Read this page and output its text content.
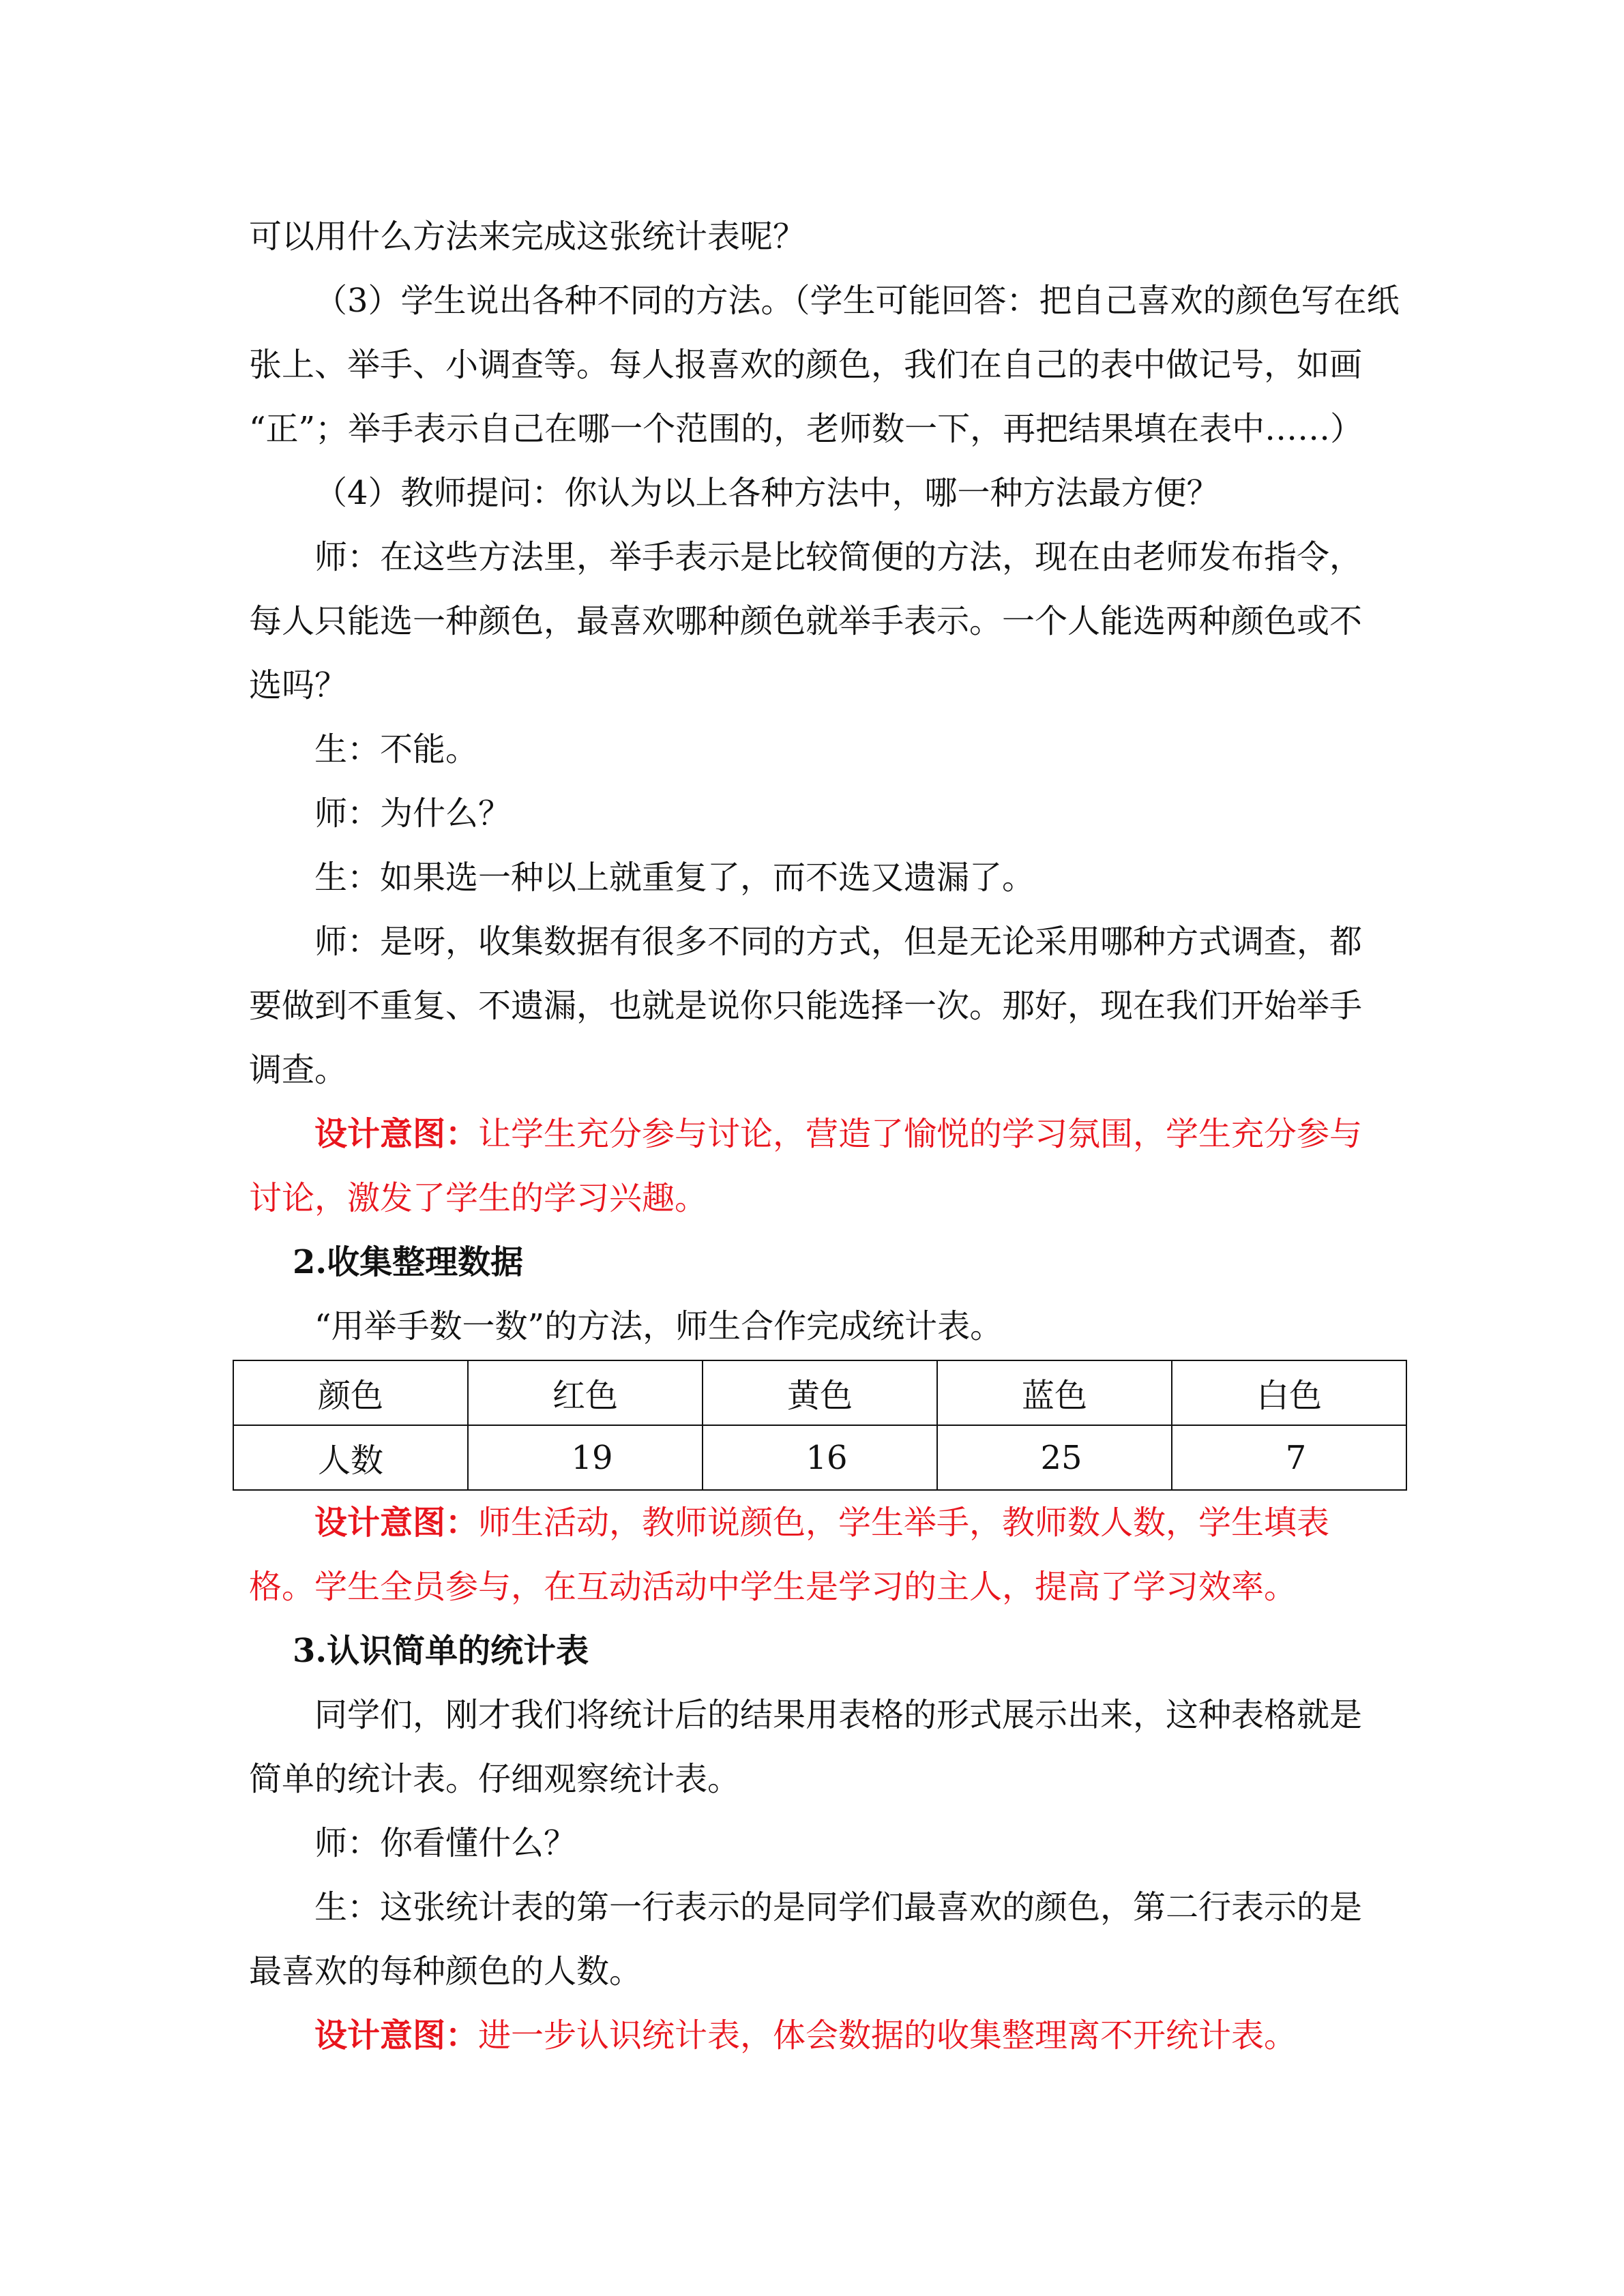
可以用什么方法来完成这张统计表呢？

（3）学生说出各种不同的方法。（学生可能回答：把自己喜欢的颜色写在纸

张上、举手、小调查等。每人报喜欢的颜色，我们在自己的表中做记号，如画

“正”；举手表示自己在哪一个范围的，老师数一下，再把结果填在表中……）

（4）教师提问：你认为以上各种方法中，哪一种方法最方便？

师：在这些方法里，举手表示是比较简便的方法，现在由老师发布指令，

每人只能选一种颜色，最喜欢哪种颜色就举手表示。一个人能选两种颜色或不

选吗？

生：不能。

师：为什么？

生：如果选一种以上就重复了，而不选又遗漏了。

师：是呀，收集数据有很多不同的方式，但是无论采用哪种方式调查，都

要做到不重复、不遗漏，也就是说你只能选择一次。那好，现在我们开始举手

调查。

设计意图：让学生充分参与讨论，营造了愉悦的学习氛围，学生充分参与

讨论，激发了学生的学习兴趣。

2.收集整理数据

“用举手数一数”的方法，师生合作完成统计表。

颜色	红色	黄色	蓝色	白色
人数	19	16	25	7

设计意图：师生活动，教师说颜色，学生举手，教师数人数，学生填表

格。学生全员参与，在互动活动中学生是学习的主人，提高了学习效率。

3.认识简单的统计表

同学们，刚才我们将统计后的结果用表格的形式展示出来，这种表格就是

简单的统计表。仔细观察统计表。

师：你看懂什么？

生：这张统计表的第一行表示的是同学们最喜欢的颜色，第二行表示的是

最喜欢的每种颜色的人数。

设计意图：进一步认识统计表，体会数据的收集整理离不开统计表。
